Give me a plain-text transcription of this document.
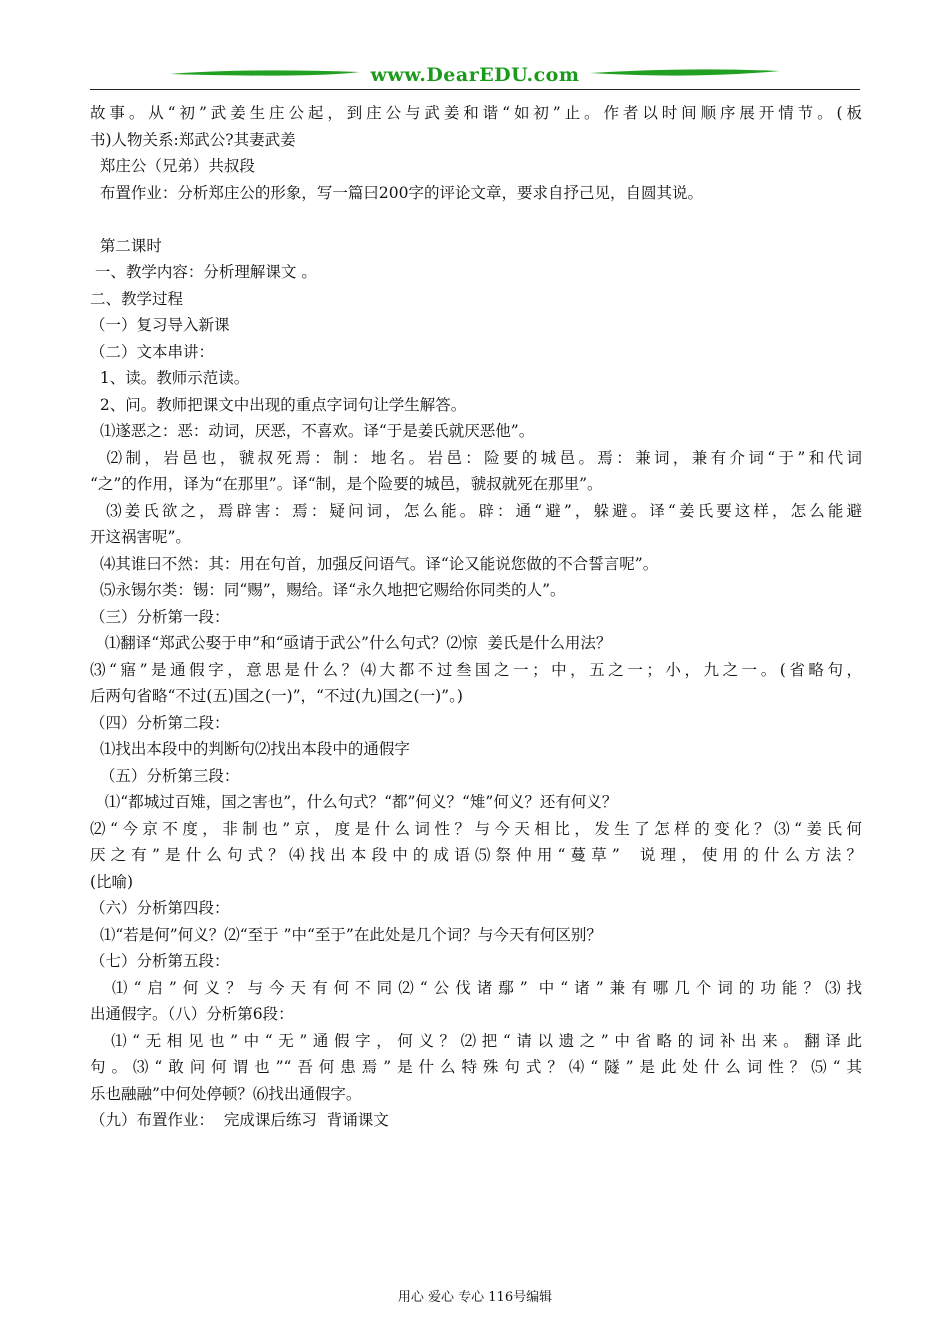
www.DearEDU.com
故事。从“初”武姜生庄公起，到庄公与武姜和谐“如初”止。作者以时间顺序展开情节。(板
书)人物关系:郑武公?其妻武姜
郑庄公（兄弟）共叔段
布置作业：分析郑庄公的形象，写一篇曰200字的评论文章，要求自抒己见，自圆其说。
第二课时
一、教学内容：分析理解课文 。
二、教学过程
（一）复习导入新课
（二）文本串讲：
1、读。教师示范读。
2、问。教师把课文中出现的重点字词句让学生解答。
⑴遂恶之：恶：动词，厌恶，不喜欢。译“于是姜氏就厌恶他”。
⑵制，岩邑也，虢叔死焉：制：地名。岩邑：险要的城邑。焉：兼词，兼有介词“于”和代词
“之”的作用，译为“在那里”。译“制，是个险要的城邑，虢叔就死在那里”。
⑶姜氏欲之，焉辟害：焉：疑问词，怎么能。辟：通“避”，躲避。译“姜氏要这样，怎么能避
开这祸害呢”。
⑷其谁曰不然：其：用在句首，加强反问语气。译“论又能说您做的不合誓言呢”。
⑸永锡尔类：锡：同“赐”，赐给。译“永久地把它赐给你同类的人”。
（三）分析第一段：
⑴翻译“郑武公娶于申”和“亟请于武公”什么句式？⑵惊  姜氏是什么用法？
⑶“寤”是通假字，意思是什么？⑷大都不过叁国之一；中，五之一；小，九之一。(省略句，
后两句省略“不过(五)国之(一)”，“不过(九)国之(一)”。)
（四）分析第二段：
⑴找出本段中的判断句⑵找出本段中的通假字
（五）分析第三段：
⑴“都城过百雉，国之害也”，什么句式？“都”何义？“雉”何义？还有何义？
⑵“今京不度，非制也”京，度是什么词性？与今天相比，发生了怎样的变化？⑶“姜氏何
厌之有”是什么句式？⑷找出本段中的成语⑸祭仲用“蔓草”  说理，使用的什么方法？
(比喻)
（六）分析第四段：
⑴“若是何”何义？⑵“至于 ”中“至于”在此处是几个词？与今天有何区别？
（七）分析第五段：
⑴“启”何义？与今天有何不同⑵“公伐诸鄢” 中“诸”兼有哪几个词的功能？⑶找
出通假字。（八）分析第6段：
⑴“无相见也”中“无”通假字，何义？⑵把“请以遗之”中省略的词补出来。翻译此
句。⑶“敢问何谓也”“吾何患焉”是什么特殊句式？⑷“隧”是此处什么词性？⑸“其
乐也融融”中何处停顿？⑹找出通假字。
（九）布置作业：  完成课后练习  背诵课文
用心 爱心 专心 116号编辑
